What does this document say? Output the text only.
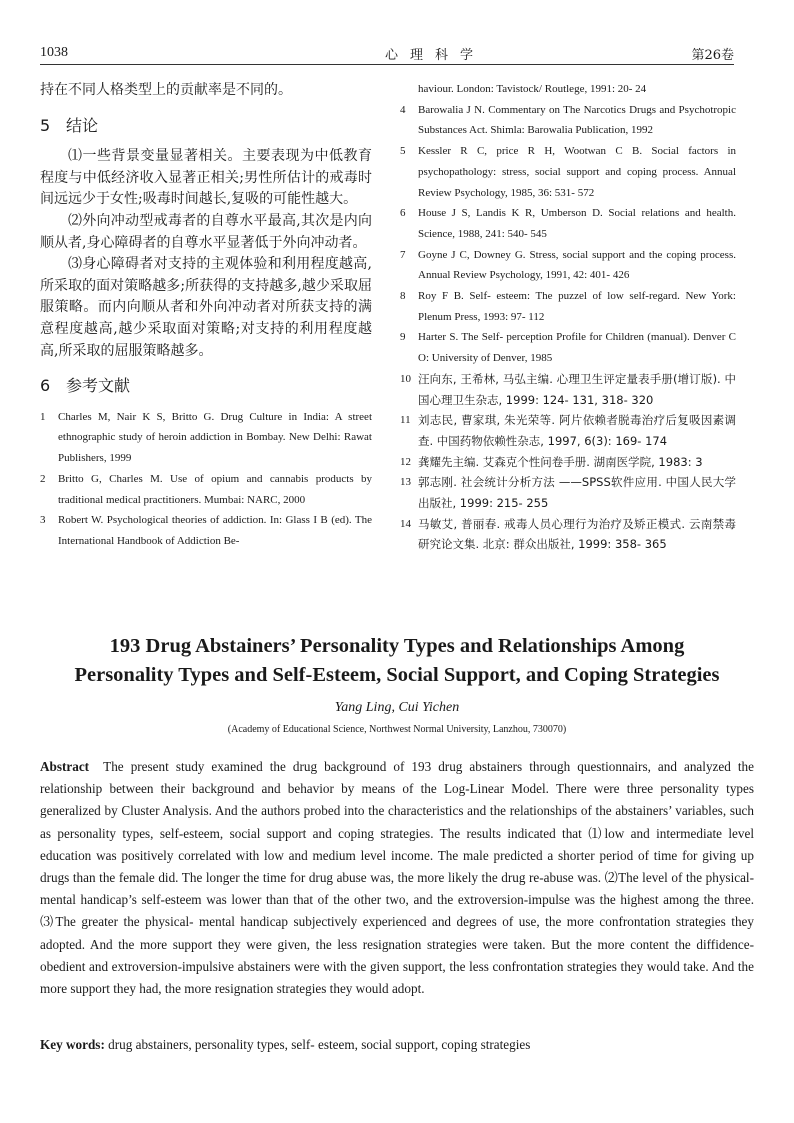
1038	心理科学	第26卷

持在不同人格类型上的贡献率是不同的。

5 结论

⑴一些背景变量显著相关。主要表现为中低教育程度与中低经济收入显著正相关;男性所估计的戒毒时间远远少于女性;吸毒时间越长,复吸的可能性越大。

⑵外向冲动型戒毒者的自尊水平最高,其次是内向顺从者,身心障碍者的自尊水平显著低于外向冲动者。

⑶身心障碍者对支持的主观体验和利用程度越高,所采取的面对策略越多;所获得的支持越多,越少采取屈服策略。而内向顺从者和外向冲动者对所获支持的满意程度越高,越少采取面对策略;对支持的利用程度越高,所采取的屈服策略越多。

6 参考文献
1	Charles M, Nair K S, Britto G. Drug Culture in India: A street ethnographic study of heroin addiction in Bombay. New Delhi: Rawat Publishers, 1999
2	Britto G, Charles M. Use of opium and cannabis products by traditional medical practitioners. Mumbai: NARC, 2000
3	Robert W. Psychological theories of addiction. In: Glass I B (ed). The International Handbook of Addiction Be-
haviour. London: Tavistock/ Routlege, 1991: 20- 24
4	Barowalia J N. Commentary on The Narcotics Drugs and Psychotropic Substances Act. Shimla: Barowalia Publication, 1992
5	Kessler R C, price R H, Wootwan C B. Social factors in psychopathology: stress, social support and coping process. Annual Review Psychology, 1985, 36: 531- 572
6	House J S, Landis K R, Umberson D. Social relations and health. Science, 1988, 241: 540- 545
7	Goyne J C, Downey G. Stress, social support and the coping process. Annual Review Psychology, 1991, 42: 401- 426
8	Roy F B. Self- esteem: The puzzel of low self-regard. New York: Plenum Press, 1993: 97- 112
9	Harter S. The Self- perception Profile for Children (manual). Denver C O: University of Denver, 1985
10 汪向东, 王希林, 马弘主编. 心理卫生评定量表手册(增订版). 中国心理卫生杂志, 1999: 124- 131, 318- 320
11 刘志民, 曹家琪, 朱光荣等. 阿片依赖者脱毒治疗后复吸因素调查. 中国药物依赖性杂志, 1997, 6(3): 169- 174
12 龚耀先主编. 艾森克个性问卷手册. 湖南医学院, 1983: 3
13 郭志刚. 社会统计分析方法 ——SPSS软件应用. 中国人民大学出版社, 1999: 215- 255
14 马敏艾, 普丽春. 戒毒人员心理行为治疗及矫正模式. 云南禁毒研究论文集. 北京: 群众出版社, 1999: 358- 365
193 Drug Abstainers’ Personality Types and Relationships Among
Personality Types and Self-Esteem, Social Support, and Coping Strategies
Yang Ling, Cui Yichen
(Academy of Educational Science, Northwest Normal University, Lanzhou, 730070)
Abstract The present study examined the drug background of 193 drug abstainers through questionnairs, and analyzed the relationship between their background and behavior by means of the Log-Linear Model. There were three personality types generalized by Cluster Analysis. And the authors probed into the characteristics and the relationships of the abstainers’ variables, such as personality types, self-esteem, social support and coping strategies. The results indicated that ⑴low and intermediate level education was positively correlated with low and medium level income. The male predicted a shorter period of time for giving up drugs than the female did. The longer the time for drug abuse was, the more likely the drug re-abuse was. ⑵The level of the physical-mental handicap’s self-esteem was lower than that of the other two, and the extroversion-impulse was the highest among the three. ⑶The greater the physical- mental handicap subjectively experienced and degrees of use, the more confrontation strategies they adopted. And the more support they were given, the less resignation strategies were taken. But the more content the diffidence-obedient and extroversion-impulsive abstainers were with the given support, the less confrontation strategies they would take. And the more support they had, the more resignation strategies they would adopt.
Key words: drug abstainers, personality types, self- esteem, social support, coping strategies
